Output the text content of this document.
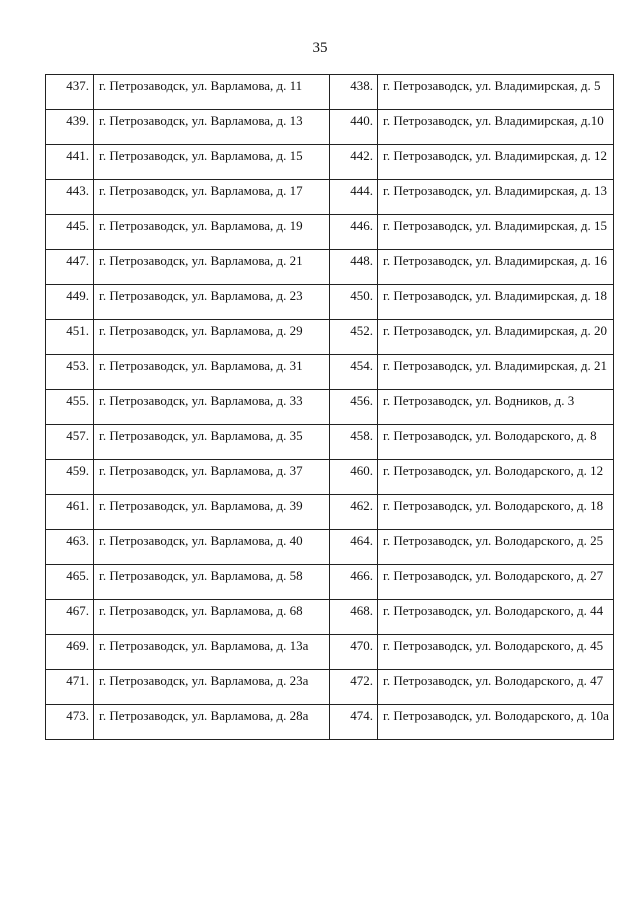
35
437.	г. Петрозаводск, ул. Варламова, д. 11	438.	г. Петрозаводск, ул. Владимирская, д. 5
439.	г. Петрозаводск, ул. Варламова, д. 13	440.	г. Петрозаводск, ул. Владимирская, д.10
441.	г. Петрозаводск, ул. Варламова, д. 15	442.	г. Петрозаводск, ул. Владимирская, д. 12
443.	г. Петрозаводск, ул. Варламова, д. 17	444.	г. Петрозаводск, ул. Владимирская, д. 13
445.	г. Петрозаводск, ул. Варламова, д. 19	446.	г. Петрозаводск, ул. Владимирская, д. 15
447.	г. Петрозаводск, ул. Варламова, д. 21	448.	г. Петрозаводск, ул. Владимирская, д. 16
449.	г. Петрозаводск, ул. Варламова, д. 23	450.	г. Петрозаводск, ул. Владимирская, д. 18
451.	г. Петрозаводск, ул. Варламова, д. 29	452.	г. Петрозаводск, ул. Владимирская, д. 20
453.	г. Петрозаводск, ул. Варламова, д. 31	454.	г. Петрозаводск, ул. Владимирская, д. 21
455.	г. Петрозаводск, ул. Варламова, д. 33	456.	г. Петрозаводск, ул. Водников, д. 3
457.	г. Петрозаводск, ул. Варламова, д. 35	458.	г. Петрозаводск, ул. Володарского, д. 8
459.	г. Петрозаводск, ул. Варламова, д. 37	460.	г. Петрозаводск, ул. Володарского, д. 12
461.	г. Петрозаводск, ул. Варламова, д. 39	462.	г. Петрозаводск, ул. Володарского, д. 18
463.	г. Петрозаводск, ул. Варламова, д. 40	464.	г. Петрозаводск, ул. Володарского, д. 25
465.	г. Петрозаводск, ул. Варламова, д. 58	466.	г. Петрозаводск, ул. Володарского, д. 27
467.	г. Петрозаводск, ул. Варламова, д. 68	468.	г. Петрозаводск, ул. Володарского, д. 44
469.	г. Петрозаводск, ул. Варламова, д. 13а	470.	г. Петрозаводск, ул. Володарского, д. 45
471.	г. Петрозаводск, ул. Варламова, д. 23а	472.	г. Петрозаводск, ул. Володарского, д. 47
473.	г. Петрозаводск, ул. Варламова, д. 28а	474.	г. Петрозаводск, ул. Володарского, д. 10а
